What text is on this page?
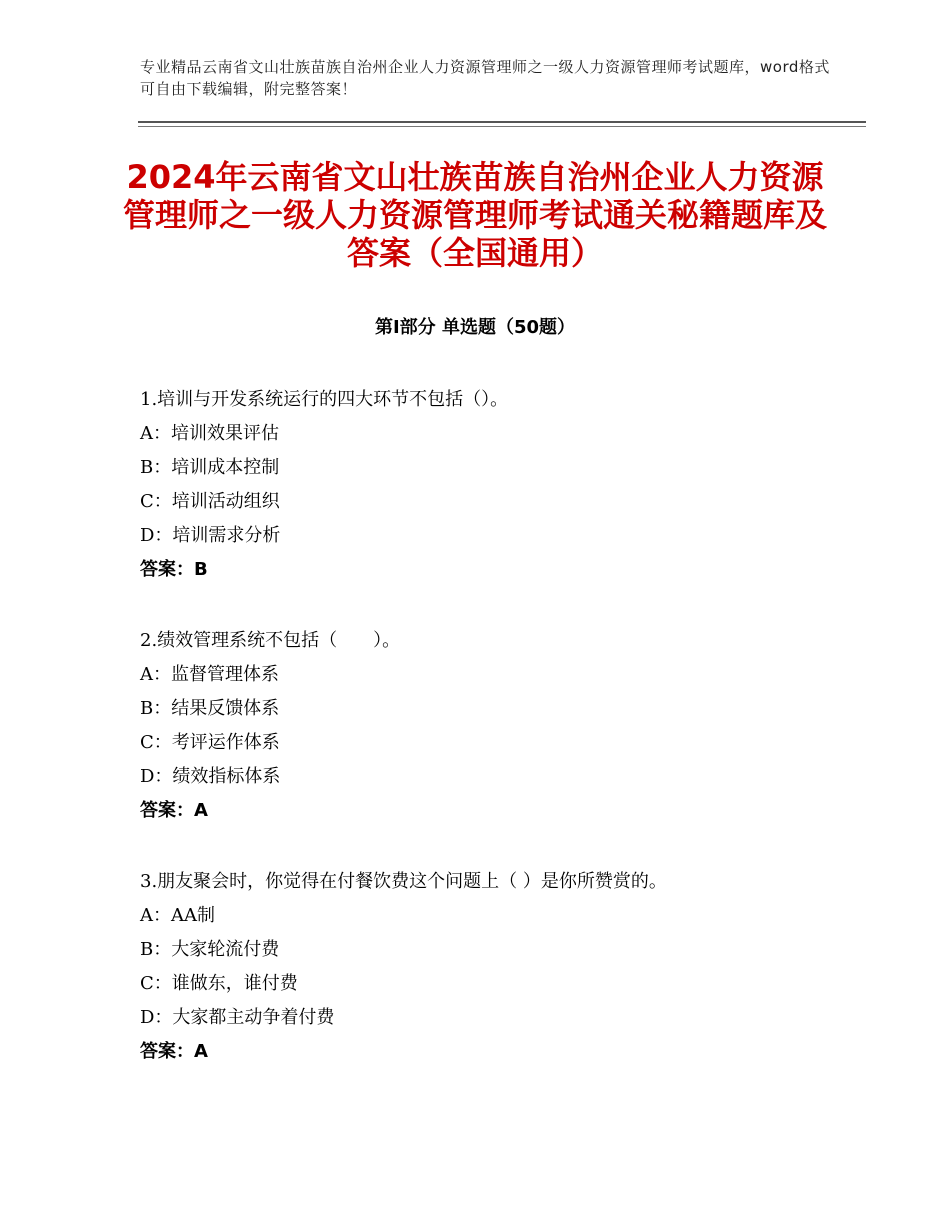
专业精品云南省文山壮族苗族自治州企业人力资源管理师之一级人力资源管理师考试题库，word格式可自由下载编辑，附完整答案！
2024年云南省文山壮族苗族自治州企业人力资源管理师之一级人力资源管理师考试通关秘籍题库及答案（全国通用）
第Ⅰ部分 单选题（50题）
1.培训与开发系统运行的四大环节不包括（）。
A：培训效果评估
B：培训成本控制
C：培训活动组织
D：培训需求分析
答案：B
2.绩效管理系统不包括（　　）。
A：监督管理体系
B：结果反馈体系
C：考评运作体系
D：绩效指标体系
答案：A
3.朋友聚会时，你觉得在付餐饮费这个问题上（ ）是你所赞赏的。
A：AA制
B：大家轮流付费
C：谁做东，谁付费
D：大家都主动争着付费
答案：A
